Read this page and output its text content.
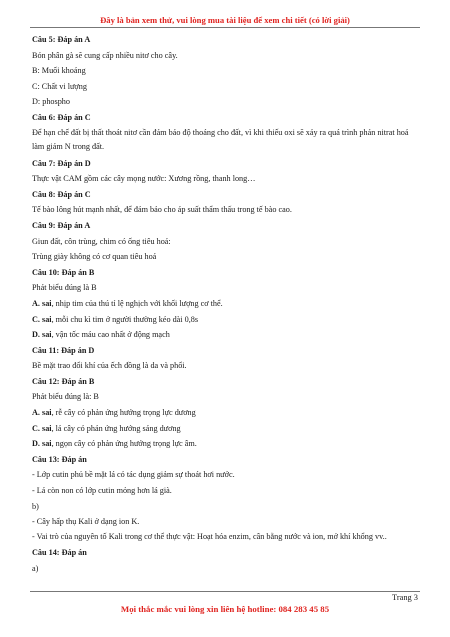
Đây là bản xem thử, vui lòng mua tài liệu để xem chi tiết (có lời giải)
Câu 5: Đáp án A
Bón phân gà sẽ cung cấp nhiều nitơ cho cây.
B: Muối khoáng
C: Chất vi lượng
D: phospho
Câu 6: Đáp án C
Để hạn chế đất bị thất thoát nitơ cần đảm bảo độ thoáng cho đất, vì khi thiếu oxi sẽ xảy ra quá trình phản nitrat hoá làm giảm N trong đất.
Câu 7: Đáp án D
Thực vật CAM gồm các cây mọng nước: Xương rồng, thanh long…
Câu 8: Đáp án C
Tế bào lông hút mạnh nhất, để đảm bảo cho áp suất thẩm thấu trong tế bào cao.
Câu 9: Đáp án A
Giun đất, côn trùng, chim có ống tiêu hoá:
Trùng giày không có cơ quan tiêu hoá
Câu 10: Đáp án B
Phát biểu đúng là B
A. sai, nhịp tim của thú tỉ lệ nghịch với khối lượng cơ thể.
C. sai, mỗi chu kì tim ở người thường kéo dài 0,8s
D. sai, vận tốc máu cao nhất ở động mạch
Câu 11: Đáp án D
Bề mặt trao đổi khí của ếch đồng là da và phổi.
Câu 12: Đáp án B
Phát biểu đúng là: B
A. sai, rễ cây có phản ứng hướng trọng lực dương
C. sai, lá cây có phản ứng hướng sáng dương
D. sai, ngọn cây có phản ứng hướng trọng lực âm.
Câu 13: Đáp án
- Lớp cutin phủ bề mặt lá có tác dụng giảm sự thoát hơi nước.
- Lá còn non có lớp cutin mỏng hơn lá già.
b)
- Cây hấp thụ Kali ở dạng ion K.
- Vai trò của nguyên tố Kali trong cơ thể thực vật: Hoạt hóa enzim, cân bằng nước và ion, mở khí khổng vv..
Câu 14: Đáp án
a)
Trang 3
Mọi thắc mắc vui lòng xin liên hệ hotline: 084 283 45 85
